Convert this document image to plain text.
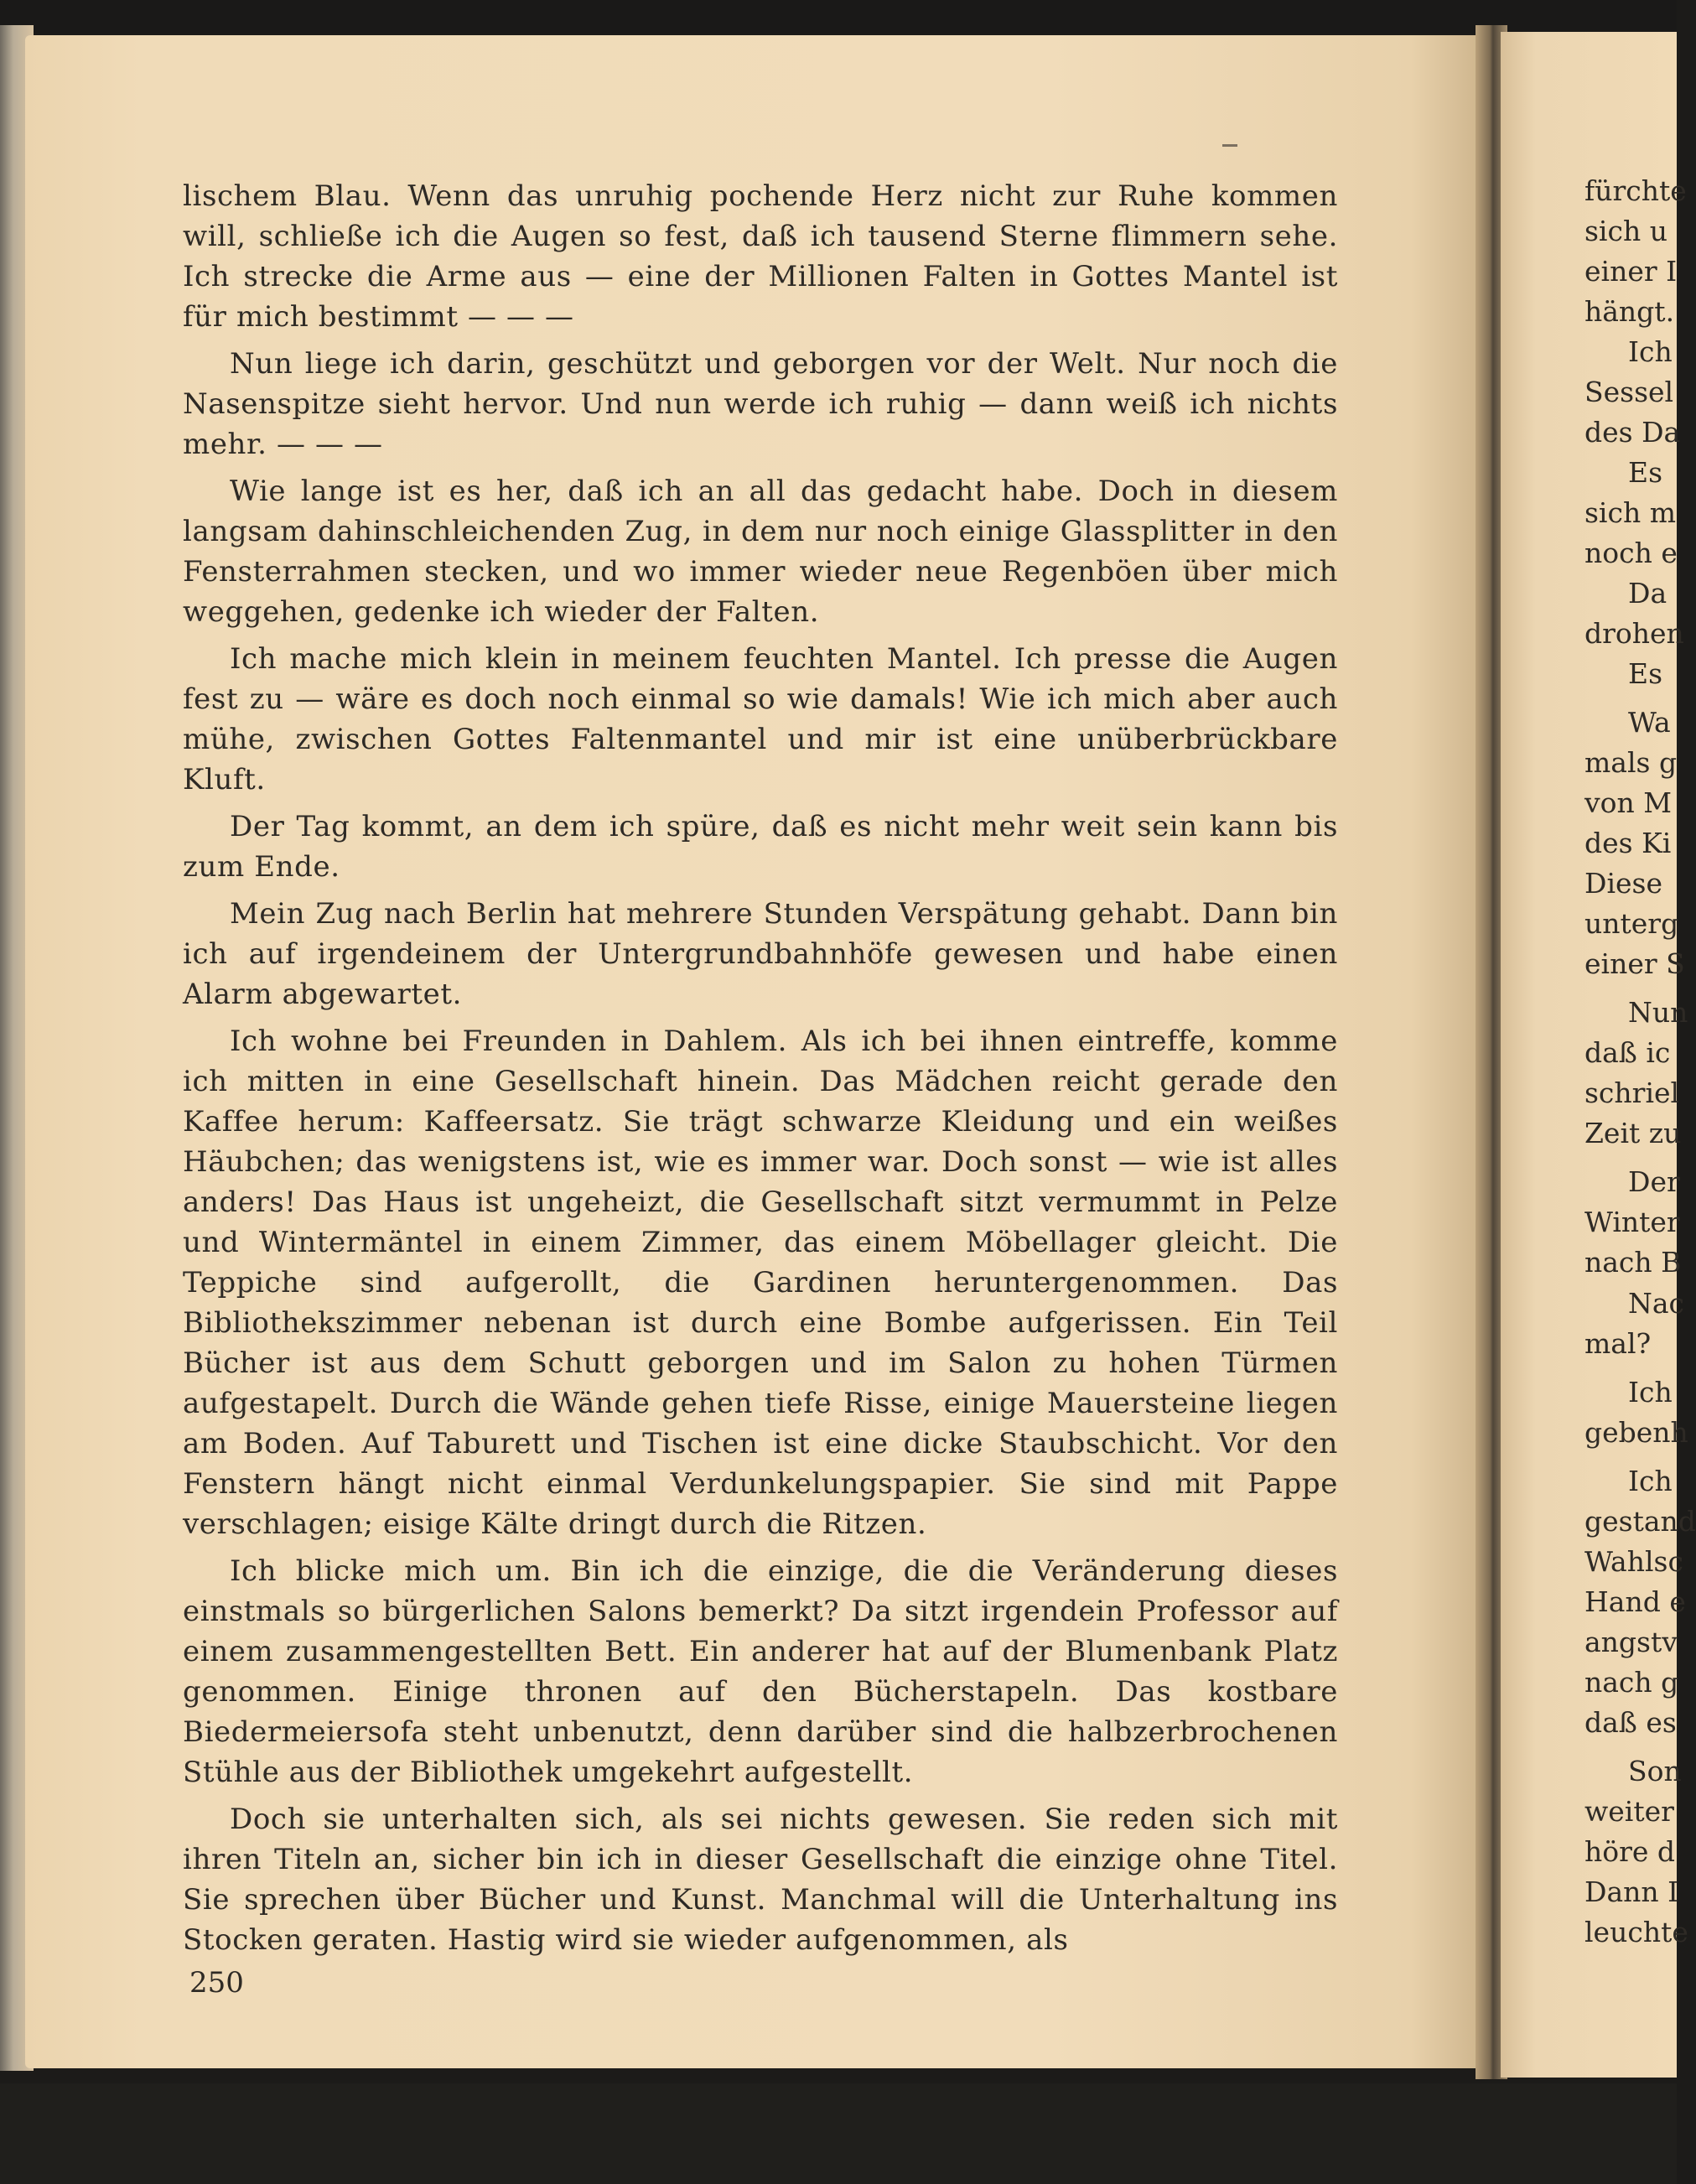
lischem Blau. Wenn das unruhig pochende Herz nicht zur Ruhe kommen will, schließe ich die Augen so fest, daß ich tausend Sterne flimmern sehe. Ich strecke die Arme aus — eine der Millionen Falten in Gottes Mantel ist für mich bestimmt — — —

Nun liege ich darin, geschützt und geborgen vor der Welt. Nur noch die Nasenspitze sieht hervor. Und nun werde ich ruhig — dann weiß ich nichts mehr. — — —

Wie lange ist es her, daß ich an all das gedacht habe. Doch in diesem langsam dahinschleichenden Zug, in dem nur noch einige Glassplitter in den Fensterrahmen stecken, und wo immer wieder neue Regenböen über mich weggehen, gedenke ich wieder der Falten.

Ich mache mich klein in meinem feuchten Mantel. Ich presse die Augen fest zu — wäre es doch noch einmal so wie damals! Wie ich mich aber auch mühe, zwischen Gottes Faltenmantel und mir ist eine unüberbrückbare Kluft.

Der Tag kommt, an dem ich spüre, daß es nicht mehr weit sein kann bis zum Ende.

Mein Zug nach Berlin hat mehrere Stunden Verspätung gehabt. Dann bin ich auf irgendeinem der Untergrundbahnhöfe gewesen und habe einen Alarm abgewartet.

Ich wohne bei Freunden in Dahlem. Als ich bei ihnen eintreffe, komme ich mitten in eine Gesellschaft hinein. Das Mädchen reicht gerade den Kaffee herum: Kaffeersatz. Sie trägt schwarze Kleidung und ein weißes Häubchen; das wenigstens ist, wie es immer war. Doch sonst — wie ist alles anders! Das Haus ist ungeheizt, die Gesellschaft sitzt vermummt in Pelze und Wintermäntel in einem Zimmer, das einem Möbellager gleicht. Die Teppiche sind aufgerollt, die Gardinen heruntergenommen. Das Bibliothekszimmer nebenan ist durch eine Bombe aufgerissen. Ein Teil Bücher ist aus dem Schutt geborgen und im Salon zu hohen Türmen aufgestapelt. Durch die Wände gehen tiefe Risse, einige Mauersteine liegen am Boden. Auf Taburett und Tischen ist eine dicke Staubschicht. Vor den Fenstern hängt nicht einmal Verdunkelungspapier. Sie sind mit Pappe verschlagen; eisige Kälte dringt durch die Ritzen.

Ich blicke mich um. Bin ich die einzige, die die Veränderung dieses einstmals so bürgerlichen Salons bemerkt? Da sitzt irgendein Professor auf einem zusammengestellten Bett. Ein anderer hat auf der Blumenbank Platz genommen. Einige thronen auf den Bücherstapeln. Das kostbare Biedermeiersofa steht unbenutzt, denn darüber sind die halbzerbrochenen Stühle aus der Bibliothek umgekehrt aufgestellt.

Doch sie unterhalten sich, als sei nichts gewesen. Sie reden sich mit ihren Titeln an, sicher bin ich in dieser Gesellschaft die einzige ohne Titel. Sie sprechen über Bücher und Kunst. Manchmal will die Unterhaltung ins Stocken geraten. Hastig wird sie wieder aufgenommen, als

250
fürchte
sich u
einer I
hängt.
Ich
Sessel
des Da
Es
sich m
noch e
Da
drohen
Es
Wa
mals g
von M
des Ki
Diese
unterg
einer S
Nun
daß ic
schriel
Zeit zu
Der
Winter
nach B
Nac
mal?
Ich
gebenh
Ich
gestand
Wahlsc
Hand e
angstv
nach g
daß es
Son
weiter
höre d
Dann I
leuchte
